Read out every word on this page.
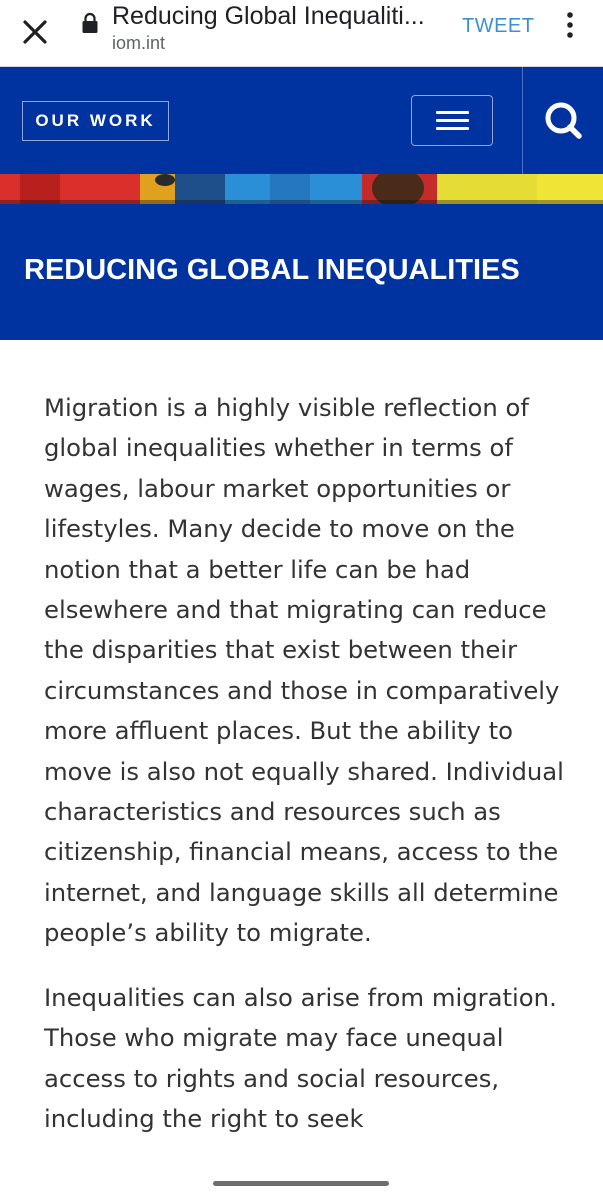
Reducing Global Inequaliti...
iom.int
TWEET
OUR WORK
REDUCING GLOBAL INEQUALITIES

Migration is a highly visible reflection of global inequalities whether in terms of wages, labour market opportunities or lifestyles. Many decide to move on the notion that a better life can be had elsewhere and that migrating can reduce the disparities that exist between their circumstances and those in comparatively more affluent places. But the ability to move is also not equally shared. Individual characteristics and resources such as citizenship, financial means, access to the internet, and language skills all determine people’s ability to migrate.

Inequalities can also arise from migration. Those who migrate may face unequal access to rights and social resources, including the right to seek
